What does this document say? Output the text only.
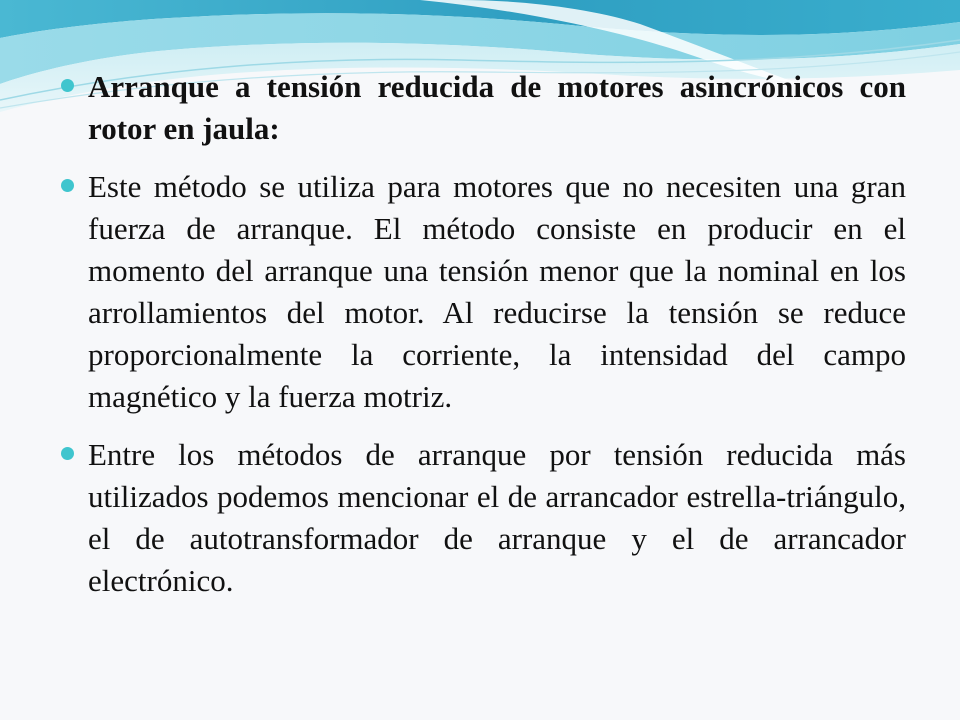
Arranque a tensión reducida de motores asincrónicos con rotor en jaula:
Este método se utiliza para motores que no necesiten una gran fuerza de arranque. El método consiste en producir en el momento del arranque una tensión menor que la nominal en los arrollamientos del motor. Al reducirse la tensión se reduce proporcionalmente la corriente, la intensidad del campo magnético y la fuerza motriz.
Entre los métodos de arranque por tensión reducida más utilizados podemos mencionar el de arrancador estrella-triángulo, el de autotransformador de arranque y el de arrancador electrónico.
